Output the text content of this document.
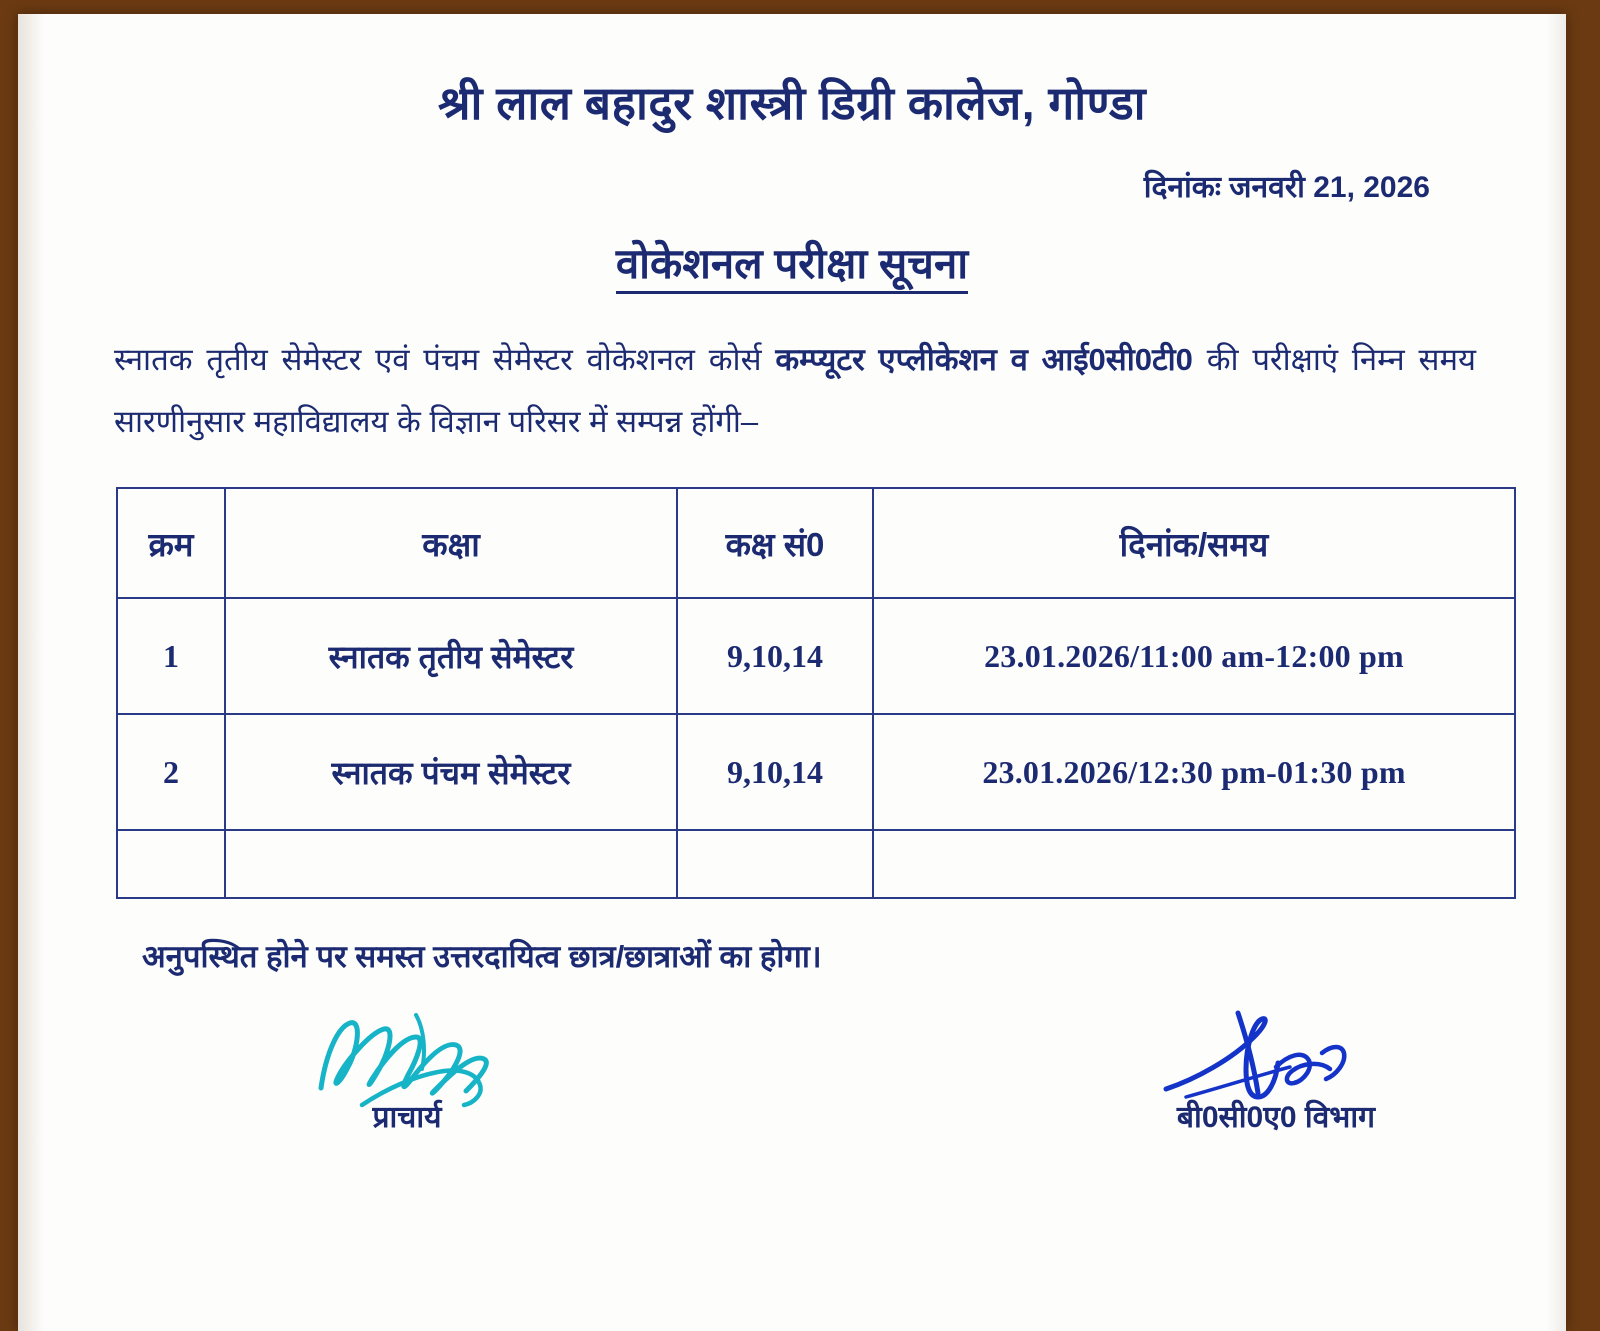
श्री लाल बहादुर शास्त्री डिग्री कालेज, गोण्डा
दिनांकः जनवरी 21, 2026
वोकेशनल परीक्षा सूचना

स्नातक तृतीय सेमेस्टर एवं पंचम सेमेस्टर वोकेशनल कोर्स कम्प्यूटर एप्लीकेशन व आई0सी0टी0 की परीक्षाएं निम्न समय सारणीनुसार महाविद्यालय के विज्ञान परिसर में सम्पन्न होंगी–

क्रम	कक्षा	कक्ष सं0	दिनांक/समय
1	स्नातक तृतीय सेमेस्टर	9,10,14	23.01.2026/11:00 am-12:00 pm
2	स्नातक पंचम सेमेस्टर	9,10,14	23.01.2026/12:30 pm-01:30 pm

अनुपस्थित होने पर समस्त उत्तरदायित्व छात्र/छात्राओं का होगा।
प्राचार्य	बी0सी0ए0 विभाग
